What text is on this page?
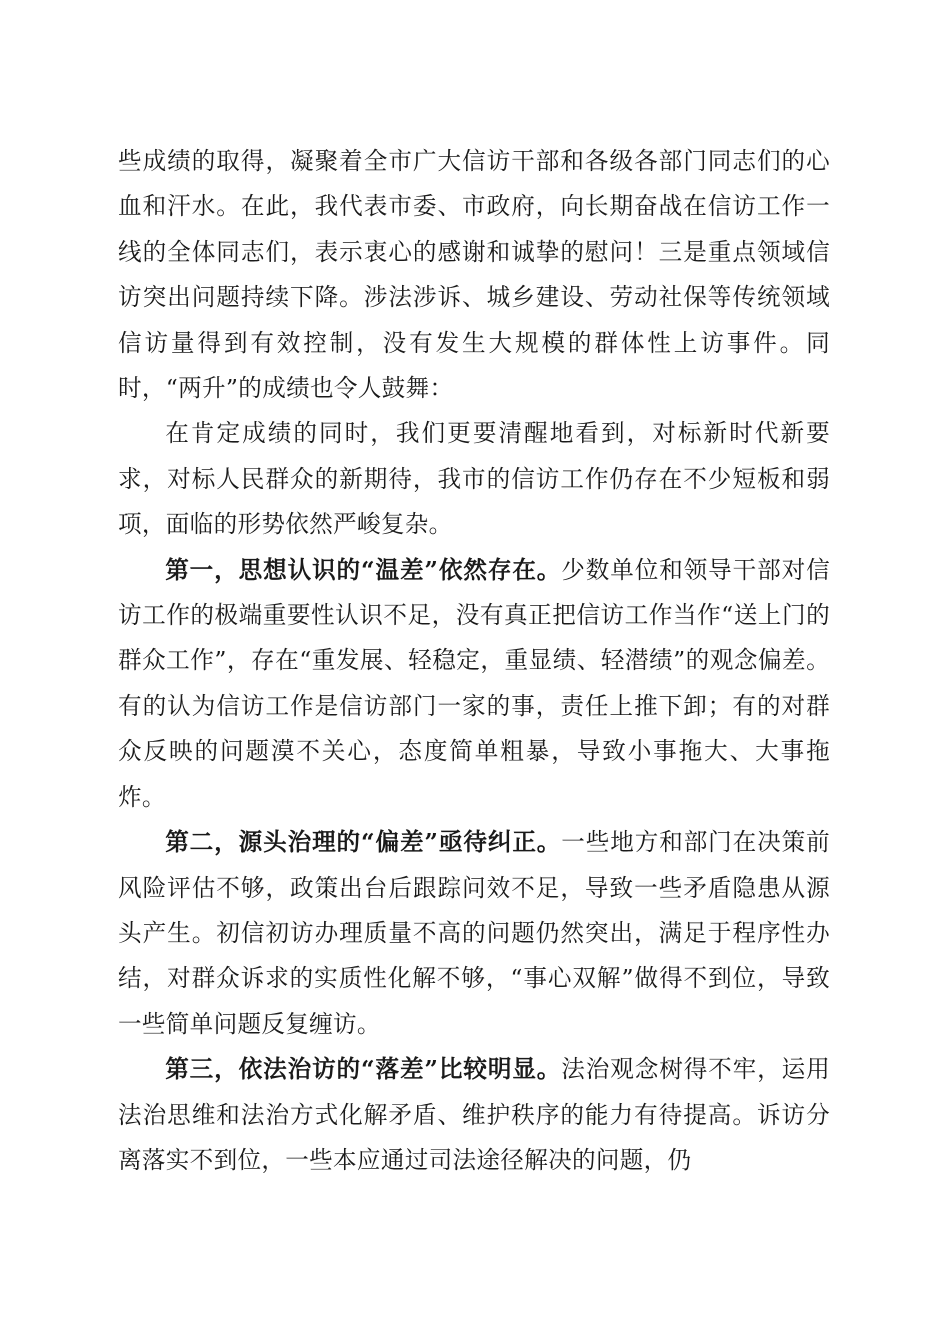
些成绩的取得，凝聚着全市广大信访干部和各级各部门同志们的心血和汗水。在此，我代表市委、市政府，向长期奋战在信访工作一线的全体同志们，表示衷心的感谢和诚挚的慰问！三是重点领域信访突出问题持续下降。涉法涉诉、城乡建设、劳动社保等传统领域信访量得到有效控制，没有发生大规模的群体性上访事件。同时，“两升”的成绩也令人鼓舞：

在肯定成绩的同时，我们更要清醒地看到，对标新时代新要求，对标人民群众的新期待，我市的信访工作仍存在不少短板和弱项，面临的形势依然严峻复杂。

第一，思想认识的“温差”依然存在。少数单位和领导干部对信访工作的极端重要性认识不足，没有真正把信访工作当作“送上门的群众工作”，存在“重发展、轻稳定，重显绩、轻潜绩”的观念偏差。有的认为信访工作是信访部门一家的事，责任上推下卸；有的对群众反映的问题漠不关心，态度简单粗暴，导致小事拖大、大事拖炸。

第二，源头治理的“偏差”亟待纠正。一些地方和部门在决策前风险评估不够，政策出台后跟踪问效不足，导致一些矛盾隐患从源头产生。初信初访办理质量不高的问题仍然突出，满足于程序性办结，对群众诉求的实质性化解不够，“事心双解”做得不到位，导致一些简单问题反复缠访。

第三，依法治访的“落差”比较明显。法治观念树得不牢，运用法治思维和法治方式化解矛盾、维护秩序的能力有待提高。诉访分离落实不到位，一些本应通过司法途径解决的问题，仍
